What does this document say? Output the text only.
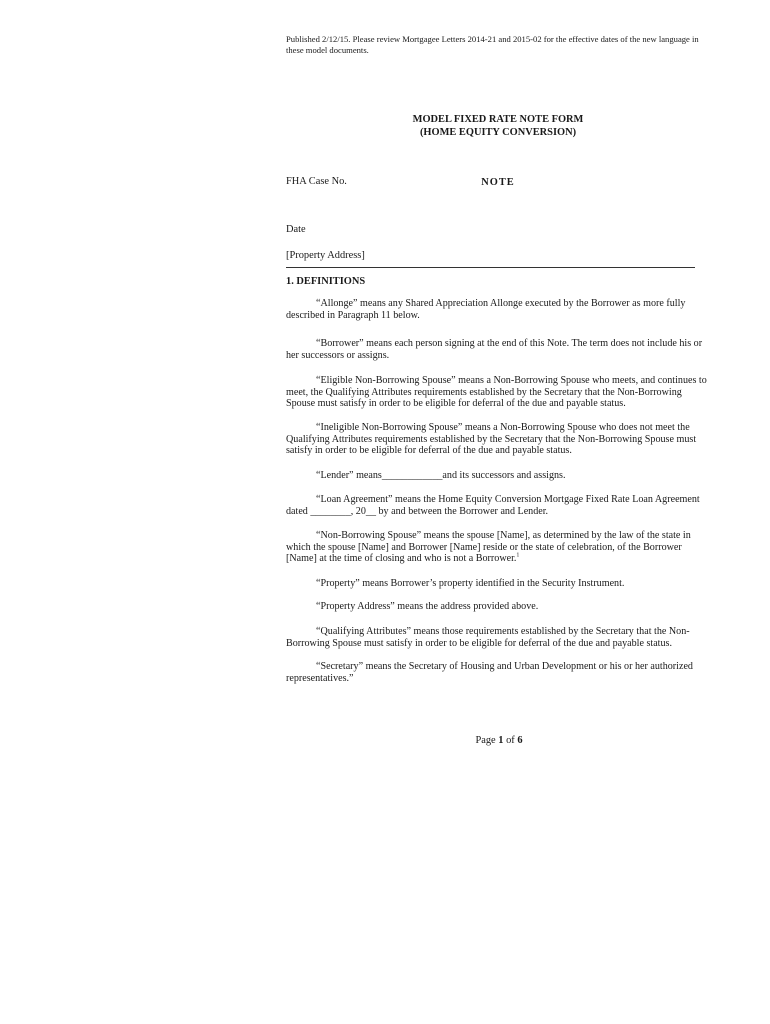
Published 2/12/15. Please review Mortgagee Letters 2014-21 and 2015-02 for the effective dates of the new language in these model documents.
MODEL FIXED RATE NOTE FORM
(HOME EQUITY CONVERSION)
FHA Case No.	NOTE
Date
[Property Address]
1. DEFINITIONS

“Allonge” means any Shared Appreciation Allonge executed by the Borrower as more fully described in Paragraph 11 below.

“Borrower” means each person signing at the end of this Note. The term does not include his or her successors or assigns.

“Eligible Non-Borrowing Spouse” means a Non-Borrowing Spouse who meets, and continues to meet, the Qualifying Attributes requirements established by the Secretary that the Non-Borrowing Spouse must satisfy in order to be eligible for deferral of the due and payable status.

“Ineligible Non-Borrowing Spouse” means a Non-Borrowing Spouse who does not meet the Qualifying Attributes requirements established by the Secretary that the Non-Borrowing Spouse must satisfy in order to be eligible for deferral of the due and payable status.

“Lender” means____________and its successors and assigns.

“Loan Agreement” means the Home Equity Conversion Mortgage Fixed Rate Loan Agreement dated ________, 20__ by and between the Borrower and Lender.

“Non-Borrowing Spouse” means the spouse [Name], as determined by the law of the state in which the spouse [Name] and Borrower [Name] reside or the state of celebration, of the Borrower [Name] at the time of closing and who is not a Borrower.$^1$

“Property” means Borrower’s property identified in the Security Instrument.

“Property Address” means the address provided above.

“Qualifying Attributes” means those requirements established by the Secretary that the Non-Borrowing Spouse must satisfy in order to be eligible for deferral of the due and payable status.

“Secretary” means the Secretary of Housing and Urban Development or his or her authorized representatives.”

Page 1 of 6
